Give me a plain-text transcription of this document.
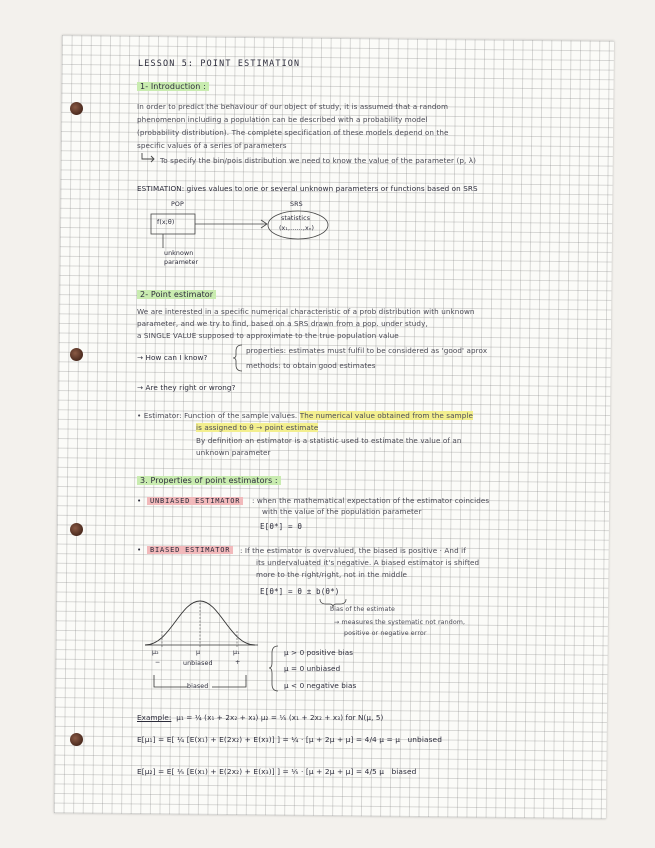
LESSON 5: POINT ESTIMATION
1- Introduction :
In order to predict the behaviour of our object of study, it is assumed that a random
phenomenon including a population can be described with a probability model
(probability distribution). The complete specification of these models depend on the
specific values of a series of parameters
To specify the bin/pois distribution we need to know the value of the parameter (p, λ)
ESTIMATION: gives values to one or several unknown parameters or functions based on SRS
POP	SRS
f(x;θ)
statistics
(x₁,……,xₙ)
unknown
parameter
2- Point estimator
We are interested in a specific numerical characteristic of a prob distribution with unknown
parameter, and we try to find, based on a SRS drawn from a pop. under study,
a SINGLE VALUE supposed to approximate to the true population value
→ How can I know?
properties: estimates must fulfil to be considered as 'good' aprox
methods: to obtain good estimates
→ Are they right or wrong?
• Estimator: Function of the sample values. The numerical value obtained from the sample
is assigned to θ → point estimate
By definition an estimator is a statistic used to estimate the value of an
unknown parameter
3. Properties of point estimators :
• UNBIASED ESTIMATOR	: when the mathematical expectation of the estimator coincides
with the value of the population parameter
E[θ*] = θ
• BIASED ESTIMATOR	: If the estimator is overvalued, the biased is positive · And if
its undervaluated it's negative. A biased estimator is shifted
more to the right/right, not in the middle
E[θ*] = θ ± b(θ*)
bias of the estimate
→ measures the systematic not random,
positive or negative error
μ₂	μ	μ₁
−	unbiased	+
biased
μ > 0 positive bias
μ = 0 unbiased
μ < 0 negative bias
Example: μ₁ = ¼ (x₁ + 2x₂ + x₃) μ₂ = ⅕ (x₁ + 2x₂ + x₃) for N(μ, 5)
E[μ₁] = E[ ¼ [E(x₁) + E(2x₂) + E(x₃)] ] = ¼ · [μ + 2μ + μ] = 4/4 μ = μ unbiased
E[μ₂] = E[ ⅕ [E(x₁) + E(2x₂) + E(x₃)] ] = ⅕ · [μ + 2μ + μ] = 4/5 μ biased
